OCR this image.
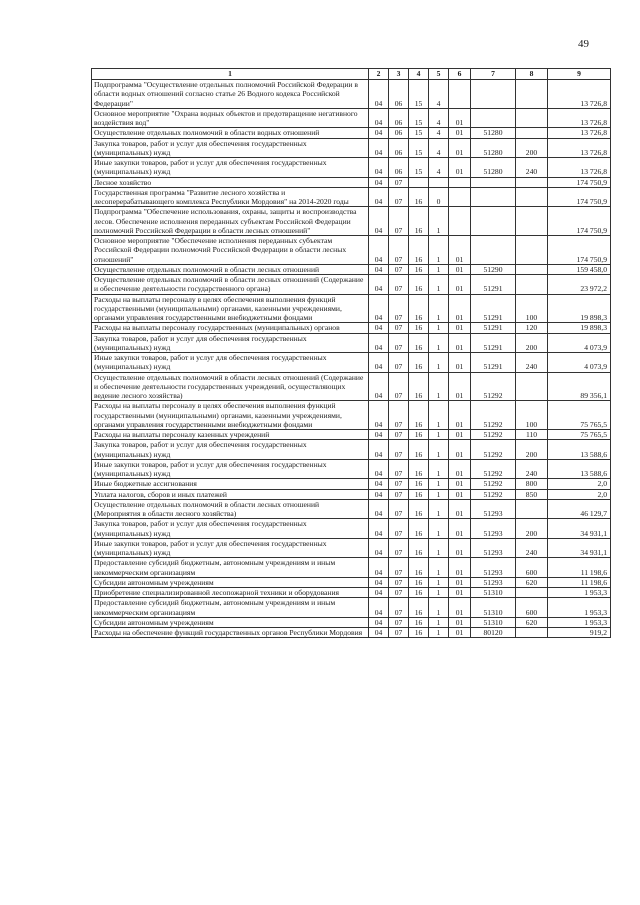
49
1	2	3	4	5	6	7	8	9
Подпрограмма "Осуществление отдельных полномочий Российской Федерации в области водных отношений согласно статье 26 Водного кодекса Российской Федерации"	04	06	15	4				13 726,8
Основное мероприятие "Охрана водных объектов и предотвращение негативного воздействия вод"	04	06	15	4	01			13 726,8
Осуществление отдельных полномочий в области водных отношений	04	06	15	4	01	51280		13 726,8
Закупка товаров, работ и услуг для обеспечения государственных (муниципальных) нужд	04	06	15	4	01	51280	200	13 726,8
Иные закупки товаров, работ и услуг для обеспечения государственных (муниципальных) нужд	04	06	15	4	01	51280	240	13 726,8
Лесное хозяйство	04	07						174 750,9
Государственная программа "Развитие лесного хозяйства и лесоперерабатывающего комплекса Республики Мордовия" на 2014-2020 годы	04	07	16	0				174 750,9
Подпрограмма "Обеспечение использования, охраны, защиты и воспроизводства лесов. Обеспечение исполнения переданных субъектам Российской Федерации полномочий Российской Федерации в области лесных отношений"	04	07	16	1				174 750,9
Основное мероприятие "Обеспечение исполнения переданных субъектам Российской Федерации полномочий Российской Федерации в области лесных отношений"	04	07	16	1	01			174 750,9
Осуществление отдельных полномочий в области лесных отношений	04	07	16	1	01	51290		159 458,0
Осуществление отдельных полномочий в области лесных отношений (Содержание и обеспечение деятельности государственного органа)	04	07	16	1	01	51291		23 972,2
Расходы на выплаты персоналу в целях обеспечения выполнения функций государственными (муниципальными) органами, казенными учреждениями, органами управления государственными внебюджетными фондами	04	07	16	1	01	51291	100	19 898,3
Расходы на выплаты персоналу государственных (муниципальных) органов	04	07	16	1	01	51291	120	19 898,3
Закупка товаров, работ и услуг для обеспечения государственных (муниципальных) нужд	04	07	16	1	01	51291	200	4 073,9
Иные закупки товаров, работ и услуг для обеспечения государственных (муниципальных) нужд	04	07	16	1	01	51291	240	4 073,9
Осуществление отдельных полномочий в области лесных отношений (Содержание и обеспечение деятельности государственных учреждений, осуществляющих ведение лесного хозяйства)	04	07	16	1	01	51292		89 356,1
Расходы на выплаты персоналу в целях обеспечения выполнения функций государственными (муниципальными) органами, казенными учреждениями, органами управления государственными внебюджетными фондами	04	07	16	1	01	51292	100	75 765,5
Расходы на выплаты персоналу казенных учреждений	04	07	16	1	01	51292	110	75 765,5
Закупка товаров, работ и услуг для обеспечения государственных (муниципальных) нужд	04	07	16	1	01	51292	200	13 588,6
Иные закупки товаров, работ и услуг для обеспечения государственных (муниципальных) нужд	04	07	16	1	01	51292	240	13 588,6
Иные бюджетные ассигнования	04	07	16	1	01	51292	800	2,0
Уплата налогов, сборов и иных платежей	04	07	16	1	01	51292	850	2,0
Осуществление отдельных полномочий в области лесных отношений (Мероприятия в области лесного хозяйства)	04	07	16	1	01	51293		46 129,7
Закупка товаров, работ и услуг для обеспечения государственных (муниципальных) нужд	04	07	16	1	01	51293	200	34 931,1
Иные закупки товаров, работ и услуг для обеспечения государственных (муниципальных) нужд	04	07	16	1	01	51293	240	34 931,1
Предоставление субсидий бюджетным, автономным учреждениям и иным некоммерческим организациям	04	07	16	1	01	51293	600	11 198,6
Субсидии автономным учреждениям	04	07	16	1	01	51293	620	11 198,6
Приобретение специализированной лесопожарной техники и оборудования	04	07	16	1	01	51310		1 953,3
Предоставление субсидий бюджетным, автономным учреждениям и иным некоммерческим организациям	04	07	16	1	01	51310	600	1 953,3
Субсидии автономным учреждениям	04	07	16	1	01	51310	620	1 953,3
Расходы на обеспечение функций государственных органов Республики Мордовия	04	07	16	1	01	80120		919,2
